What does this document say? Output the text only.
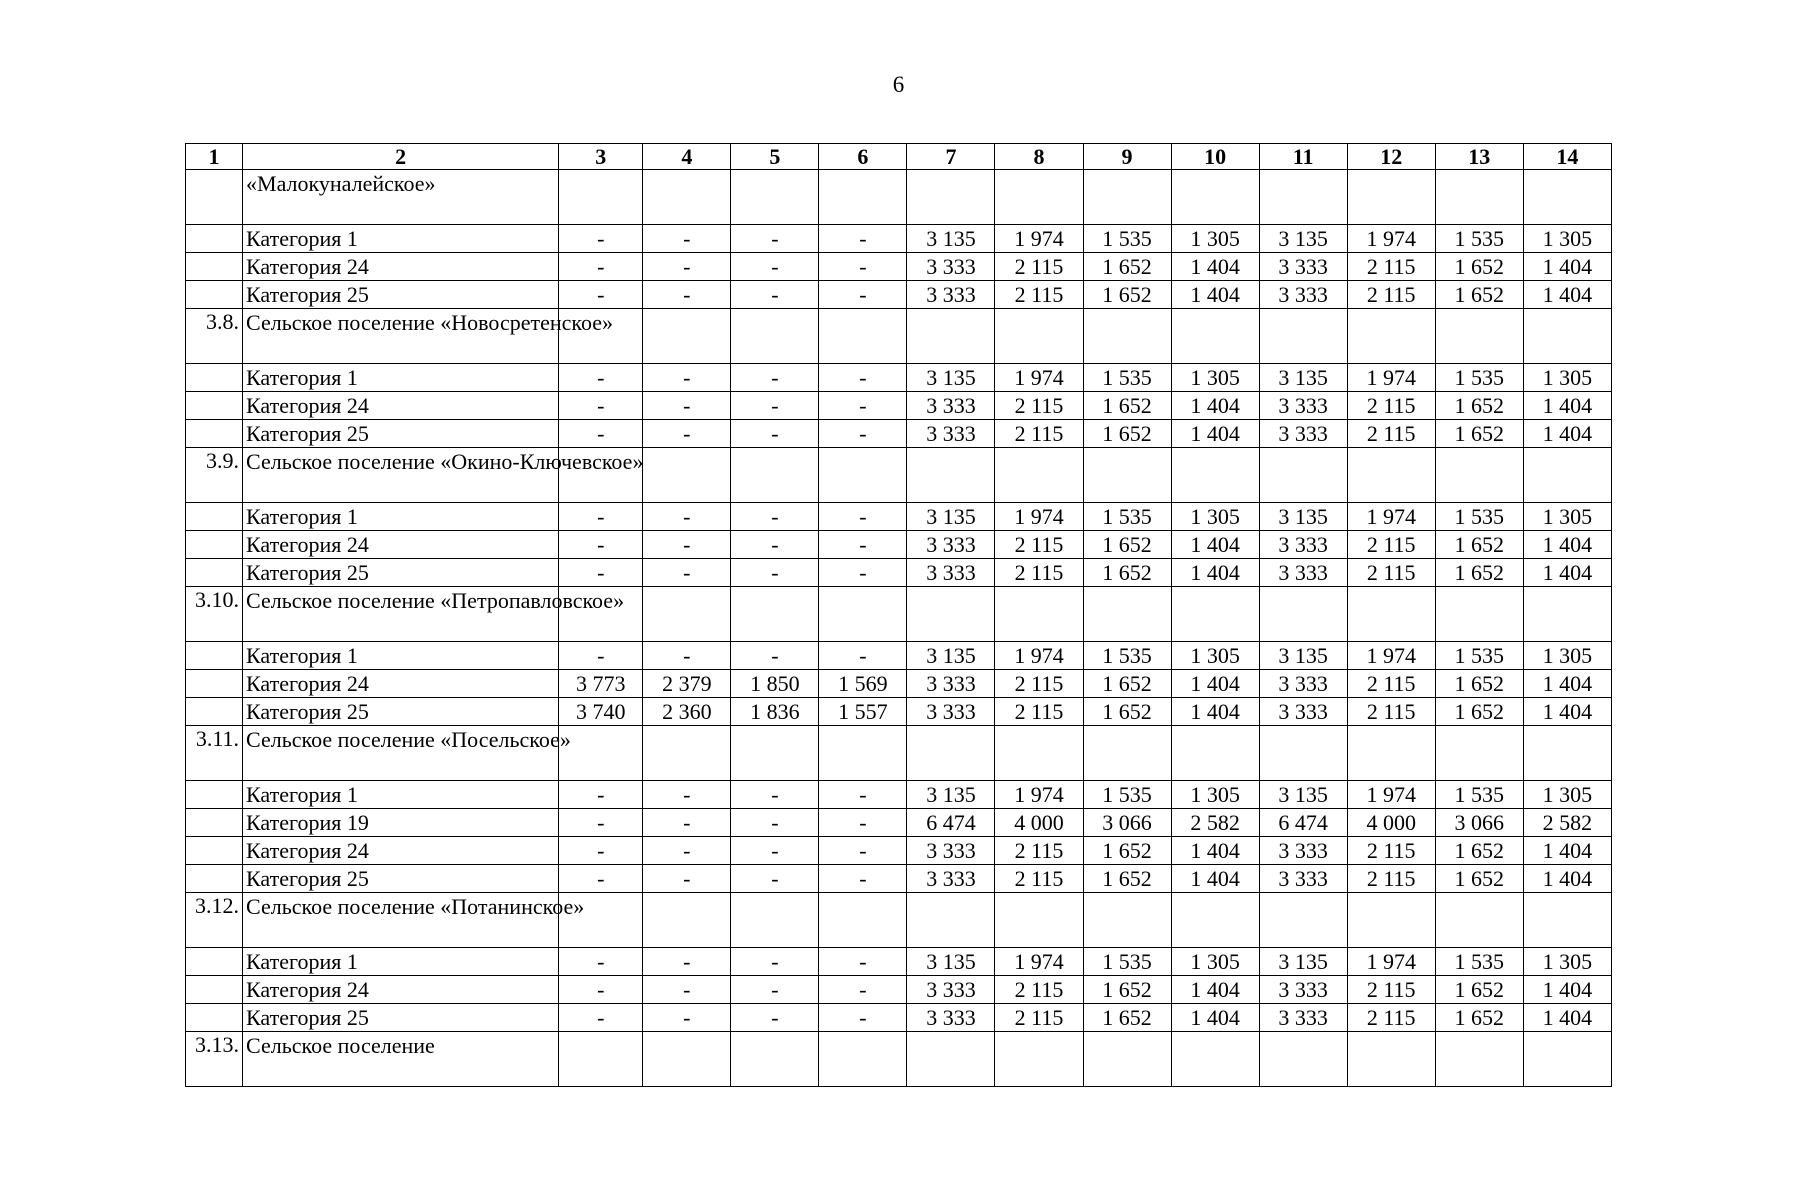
6
1	2	3	4	5	6	7	8	9	10	11	12	13	14
	«Малокуналейское»												
	Категория 1	-	-	-	-	3 135	1 974	1 535	1 305	3 135	1 974	1 535	1 305
	Категория 24	-	-	-	-	3 333	2 115	1 652	1 404	3 333	2 115	1 652	1 404
	Категория 25	-	-	-	-	3 333	2 115	1 652	1 404	3 333	2 115	1 652	1 404
3.8.	Сельское поселение «Новосретенское»												
	Категория 1	-	-	-	-	3 135	1 974	1 535	1 305	3 135	1 974	1 535	1 305
	Категория 24	-	-	-	-	3 333	2 115	1 652	1 404	3 333	2 115	1 652	1 404
	Категория 25	-	-	-	-	3 333	2 115	1 652	1 404	3 333	2 115	1 652	1 404
3.9.	Сельское поселение «Окино-Ключевское»												
	Категория 1	-	-	-	-	3 135	1 974	1 535	1 305	3 135	1 974	1 535	1 305
	Категория 24	-	-	-	-	3 333	2 115	1 652	1 404	3 333	2 115	1 652	1 404
	Категория 25	-	-	-	-	3 333	2 115	1 652	1 404	3 333	2 115	1 652	1 404
3.10.	Сельское поселение «Петропавловское»												
	Категория 1	-	-	-	-	3 135	1 974	1 535	1 305	3 135	1 974	1 535	1 305
	Категория 24	3 773	2 379	1 850	1 569	3 333	2 115	1 652	1 404	3 333	2 115	1 652	1 404
	Категория 25	3 740	2 360	1 836	1 557	3 333	2 115	1 652	1 404	3 333	2 115	1 652	1 404
3.11.	Сельское поселение «Посельское»												
	Категория 1	-	-	-	-	3 135	1 974	1 535	1 305	3 135	1 974	1 535	1 305
	Категория 19	-	-	-	-	6 474	4 000	3 066	2 582	6 474	4 000	3 066	2 582
	Категория 24	-	-	-	-	3 333	2 115	1 652	1 404	3 333	2 115	1 652	1 404
	Категория 25	-	-	-	-	3 333	2 115	1 652	1 404	3 333	2 115	1 652	1 404
3.12.	Сельское поселение «Потанинское»												
	Категория 1	-	-	-	-	3 135	1 974	1 535	1 305	3 135	1 974	1 535	1 305
	Категория 24	-	-	-	-	3 333	2 115	1 652	1 404	3 333	2 115	1 652	1 404
	Категория 25	-	-	-	-	3 333	2 115	1 652	1 404	3 333	2 115	1 652	1 404
3.13.	Сельское поселение												
